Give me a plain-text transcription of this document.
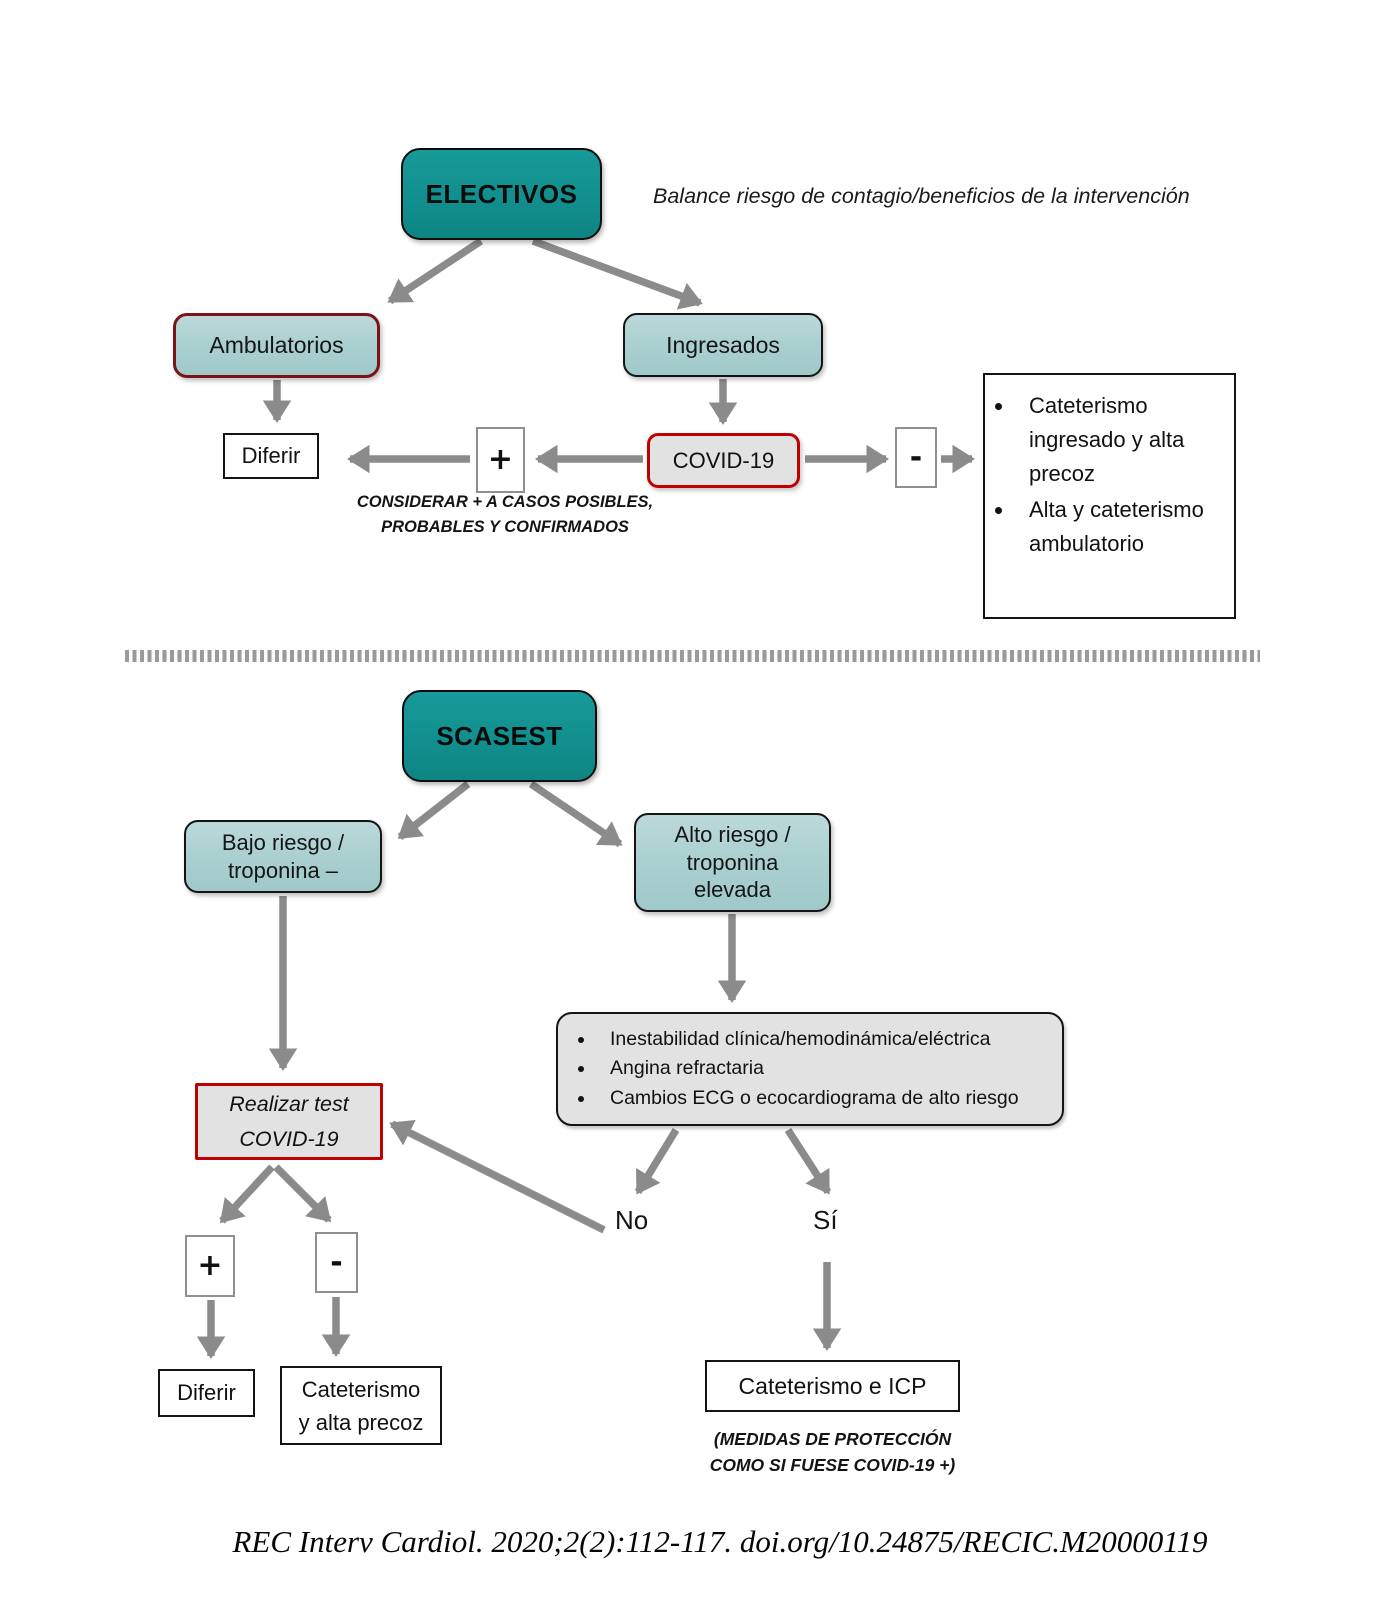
ELECTIVOS	Balance riesgo de contagio/beneficios de la intervención
Ambulatorios	Ingresados
Diferir	+	COVID-19	-
• Cateterismo ingresado y alta precoz
• Alta y cateterismo ambulatorio
CONSIDERAR + A CASOS POSIBLES,
PROBABLES Y CONFIRMADOS
SCASEST
Bajo riesgo /
troponina –
Alto riesgo /
troponina
elevada
• Inestabilidad clínica/hemodinámica/eléctrica
• Angina refractaria
• Cambios ECG o ecocardiograma de alto riesgo
Realizar test
COVID-19
+	-
No	Sí
Diferir	Cateterismo
y alta precoz
Cateterismo e ICP
(MEDIDAS DE PROTECCIÓN
COMO SI FUESE COVID-19 +)
REC Interv Cardiol. 2020;2(2):112-117. doi.org/10.24875/RECIC.M20000119
